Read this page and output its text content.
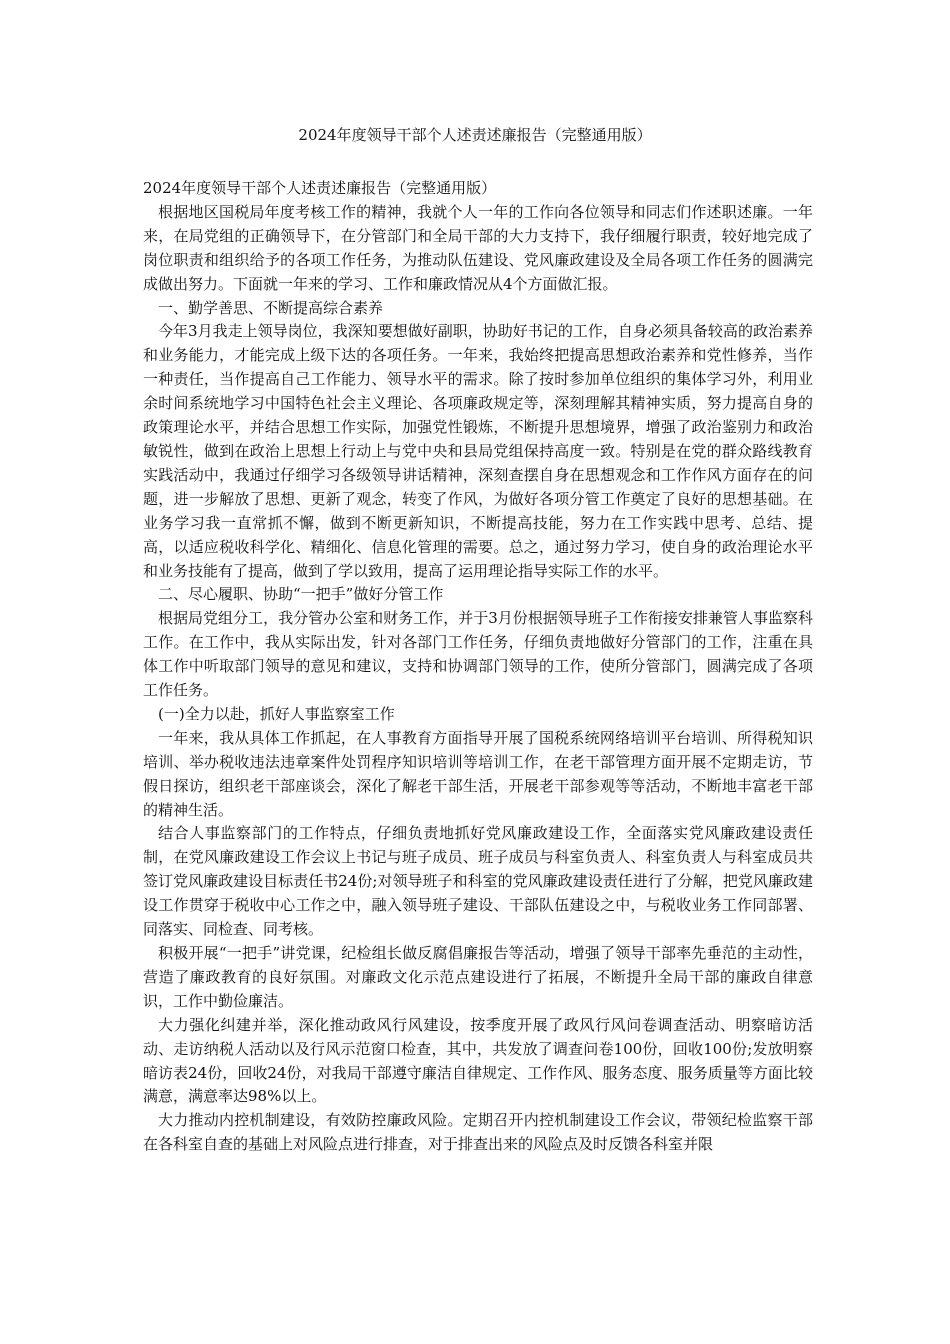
2024年度领导干部个人述责述廉报告（完整通用版）

2024年度领导干部个人述责述廉报告（完整通用版）

根据地区国税局年度考核工作的精神，我就个人一年的工作向各位领导和同志们作述职述廉。一年来，在局党组的正确领导下，在分管部门和全局干部的大力支持下，我仔细履行职责，较好地完成了岗位职责和组织给予的各项工作任务，为推动队伍建设、党风廉政建设及全局各项工作任务的圆满完成做出努力。下面就一年来的学习、工作和廉政情况从4个方面做汇报。

一、勤学善思、不断提高综合素养

今年3月我走上领导岗位，我深知要想做好副职，协助好书记的工作，自身必须具备较高的政治素养和业务能力，才能完成上级下达的各项任务。一年来，我始终把提高思想政治素养和党性修养，当作一种责任，当作提高自己工作能力、领导水平的需求。除了按时参加单位组织的集体学习外，利用业余时间系统地学习中国特色社会主义理论、各项廉政规定等，深刻理解其精神实质，努力提高自身的政策理论水平，并结合思想工作实际，加强党性锻炼，不断提升思想境界，增强了政治鉴别力和政治敏锐性，做到在政治上思想上行动上与党中央和县局党组保持高度一致。特别是在党的群众路线教育实践活动中，我通过仔细学习各级领导讲话精神，深刻查摆自身在思想观念和工作作风方面存在的问题，进一步解放了思想、更新了观念，转变了作风，为做好各项分管工作奠定了良好的思想基础。在业务学习我一直常抓不懈，做到不断更新知识，不断提高技能，努力在工作实践中思考、总结、提高，以适应税收科学化、精细化、信息化管理的需要。总之，通过努力学习，使自身的政治理论水平和业务技能有了提高，做到了学以致用，提高了运用理论指导实际工作的水平。

二、尽心履职、协助“一把手”做好分管工作

根据局党组分工，我分管办公室和财务工作，并于3月份根据领导班子工作衔接安排兼管人事监察科工作。在工作中，我从实际出发，针对各部门工作任务，仔细负责地做好分管部门的工作，注重在具体工作中听取部门领导的意见和建议，支持和协调部门领导的工作，使所分管部门，圆满完成了各项工作任务。

(一)全力以赴，抓好人事监察室工作

一年来，我从具体工作抓起，在人事教育方面指导开展了国税系统网络培训平台培训、所得税知识培训、举办税收违法违章案件处罚程序知识培训等培训工作，在老干部管理方面开展不定期走访，节假日探访，组织老干部座谈会，深化了解老干部生活，开展老干部参观等等活动，不断地丰富老干部的精神生活。

结合人事监察部门的工作特点，仔细负责地抓好党风廉政建设工作，全面落实党风廉政建设责任制，在党风廉政建设工作会议上书记与班子成员、班子成员与科室负责人、科室负责人与科室成员共签订党风廉政建设目标责任书24份;对领导班子和科室的党风廉政建设责任进行了分解，把党风廉政建设工作贯穿于税收中心工作之中，融入领导班子建设、干部队伍建设之中，与税收业务工作同部署、同落实、同检查、同考核。

积极开展“一把手”讲党课，纪检组长做反腐倡廉报告等活动，增强了领导干部率先垂范的主动性，营造了廉政教育的良好氛围。对廉政文化示范点建设进行了拓展，不断提升全局干部的廉政自律意识，工作中勤俭廉洁。

大力强化纠建并举，深化推动政风行风建设，按季度开展了政风行风问卷调查活动、明察暗访活动、走访纳税人活动以及行风示范窗口检查，其中，共发放了调查问卷100份，回收100份;发放明察暗访表24份，回收24份，对我局干部遵守廉洁自律规定、工作作风、服务态度、服务质量等方面比较满意，满意率达98%以上。

大力推动内控机制建设，有效防控廉政风险。定期召开内控机制建设工作会议，带领纪检监察干部在各科室自查的基础上对风险点进行排查，对于排查出来的风险点及时反馈各科室并限
